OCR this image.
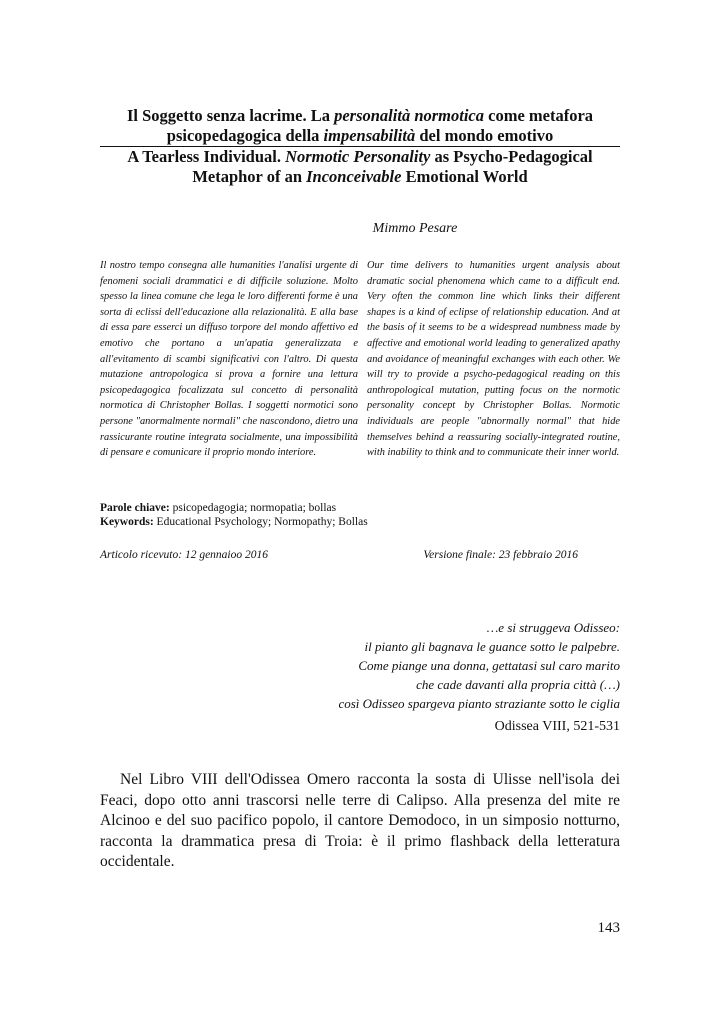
Il Soggetto senza lacrime. La personalità normotica come metafora
psicopedagogica della impensabilità del mondo emotivo
A Tearless Individual. Normotic Personality as Psycho-Pedagogical
Metaphor of an Inconceivable Emotional World
Mimmo Pesare
Il nostro tempo consegna alle humanities l'analisi urgente di fenomeni sociali drammatici e di difficile soluzione. Molto spesso la linea comune che lega le loro differenti forme è una sorta di eclissi dell'educazione alla relazionalità. E alla base di essa pare esserci un diffuso torpore del mondo affettivo ed emotivo che portano a un'apatia generalizzata e all'evitamento di scambi significativi con l'altro. Di questa mutazione antropologica si prova a fornire una lettura psicopedagogica focalizzata sul concetto di personalità normotica di Christopher Bollas. I soggetti normotici sono persone "anormalmente normali" che nascondono, dietro una rassicurante routine integrata socialmente, una impossibilità di pensare e comunicare il proprio mondo interiore.
Our time delivers to humanities urgent analysis about dramatic social phenomena which came to a difficult end. Very often the common line which links their different shapes is a kind of eclipse of relationship education. And at the basis of it seems to be a widespread numbness made by affective and emotional world leading to generalized apathy and avoidance of meaningful exchanges with each other. We will try to provide a psycho-pedagogical reading on this anthropological mutation, putting focus on the normotic personality concept by Christopher Bollas. Normotic individuals are people "abnormally normal" that hide themselves behind a reassuring socially-integrated routine, with inability to think and to communicate their inner world.
Parole chiave: psicopedagogia; normopatia; bollas
Keywords: Educational Psychology; Normopathy; Bollas
Articolo ricevuto: 12 gennaioo 2016	Versione finale: 23 febbraio 2016
…e si struggeva Odisseo:
il pianto gli bagnava le guance sotto le palpebre.
Come piange una donna, gettatasi sul caro marito
che cade davanti alla propria città (…)
così Odisseo spargeva pianto straziante sotto le ciglia
Odissea VIII, 521-531
Nel Libro VIII dell'Odissea Omero racconta la sosta di Ulisse nell'isola dei Feaci, dopo otto anni trascorsi nelle terre di Calipso. Alla presenza del mite re Alcinoo e del suo pacifico popolo, il cantore Demodoco, in un simposio notturno, racconta la drammatica presa di Troia: è il primo flashback della letteratura occidentale.
143
